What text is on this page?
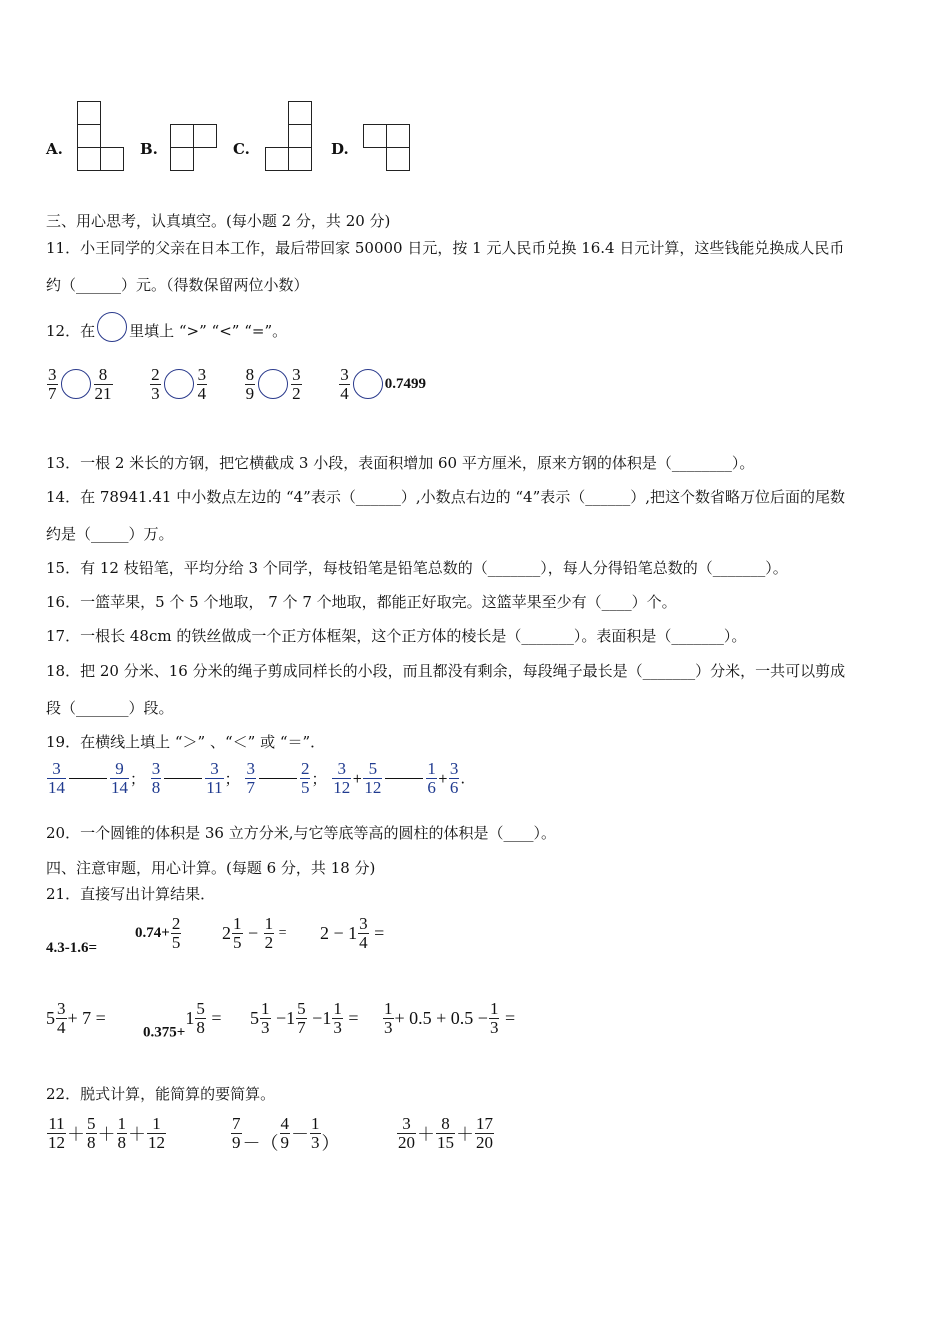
A.	B.	C.	D.
三、用心思考，认真填空。(每小题 2 分，共 20 分)
11．小王同学的父亲在日本工作，最后带回家 50000 日元，按 1 元人民币兑换 16.4 日元计算，这些钱能兑换成人民币
约（______）元。（得数保留两位小数）
12．在 里填上 “>” “<” “=”。
$\frac{3}{7} \frac{8}{21}$
$\frac{2}{3} \frac{3}{4}$
$\frac{8}{9} \frac{3}{2}$
$\frac{3}{4} 0.7499$
13．一根 2 米长的方钢，把它横截成 3 小段，表面积增加 60 平方厘米，原来方钢的体积是（________）。
14．在 78941.41 中小数点左边的 “4”表示（______）,小数点右边的 “4”表示（______）,把这个数省略万位后面的尾数
约是（_____）万。
15．有 12 枝铅笔，平均分给 3 个同学，每枝铅笔是铅笔总数的（_______），每人分得铅笔总数的（_______）。
16．一篮苹果，5 个 5 个地取， 7 个 7 个地取，都能正好取完。这篮苹果至少有（____）个。
17．一根长 48cm 的铁丝做成一个正方体框架，这个正方体的棱长是（_______）。表面积是（_______）。
18．把 20 分米、16 分米的绳子剪成同样长的小段，而且都没有剩余，每段绳子最长是（_______）分米，一共可以剪成
段（_______）段。
19．在横线上填上 “＞” 、“＜” 或 “＝”．
$\frac{3}{14}$	$\frac{9}{14}$ ； $\frac{3}{8}$	$\frac{3}{11}$ ； $\frac{3}{7}$	$\frac{2}{5}$ ； $\frac{3}{12} + \frac{5}{12}$	$\frac{1}{6} + \frac{3}{6}$ .
20．一个圆锥的体积是 36 立方分米,与它等底等高的圆柱的体积是（____）。
四、注意审题，用心计算。(每题 6 分，共 18 分)
21．直接写出计算结果．
4.3-1.6=
$0.74+ \frac{2}{5} 2 \frac{1}{5} - \frac{1}{2} = 2 - 1 \frac{3}{4}$ =
$5 \frac{3}{4} + 7$ =
$_{0.375+}1 \frac{5}{8} = 5 \frac{1}{3} -1 \frac{5}{7} -1 \frac{1}{3} = \frac{1}{3} + 0.5 + 0.5 - \frac{1}{3}$ =
22．脱式计算，能简算的要简算。
$\frac{11}{12} + \frac{5}{8} + \frac{1}{8} + \frac{1}{12}$	$\frac{7}{9}$ －（ $\frac{4}{9} - \frac{1}{3}$ ）	$\frac{3}{20} + \frac{8}{15} + \frac{17}{20}$
